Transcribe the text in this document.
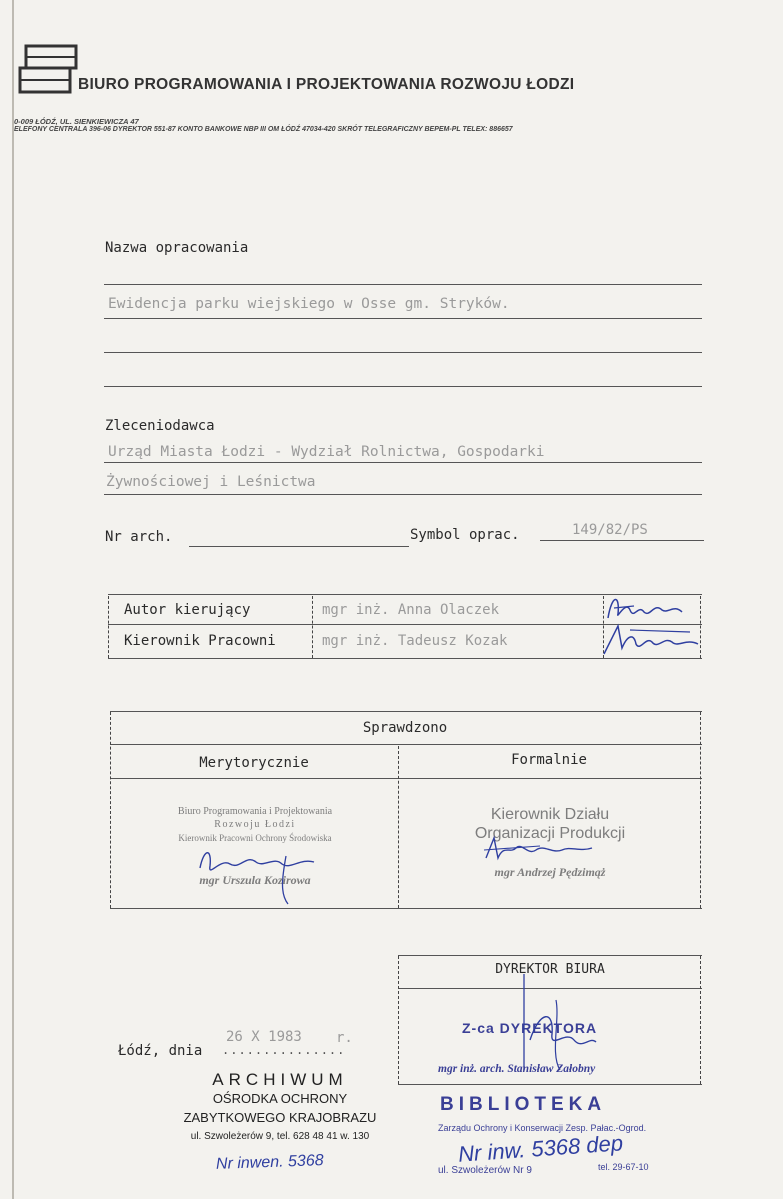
BIURO PROGRAMOWANIA I PROJEKTOWANIA ROZWOJU ŁODZI
0-009 ŁÓDŹ, UL. SIENKIEWICZA 47
ELEFONY CENTRALA 396-06 DYREKTOR 551-87 KONTO BANKOWE NBP III OM ŁÓDŹ 47034-420 SKRÓT TELEGRAFICZNY BEPEM-PL TELEX: 886657
Nazwa opracowania
Ewidencja parku wiejskiego w Osse gm. Stryków.
Zleceniodawca
Urząd Miasta Łodzi - Wydział Rolnictwa, Gospodarki
Żywnościowej i Leśnictwa
Nr arch.	Symbol oprac.	149/82/PS
Autor kierujący	mgr inż. Anna Olaczek
Kierownik Pracowni	mgr inż. Tadeusz Kozak
Sprawdzono
Merytorycznie	Formalnie
Biuro Programowania i Projektowania
Rozwoju Łodzi
Kierownik Pracowni Ochrony Środowiska
mgr Urszula Kozirowa
Kierownik Działu
Organizacji Produkcji
mgr Andrzej Pędzimąż
DYREKTOR BIURA
Z-ca DYREKTORA
mgr inż. arch. Stanisław Załobny
Łódź, dnia
26 X 1983
...............
r.
ARCHIWUM
OŚRODKA OCHRONY
ZABYTKOWEGO KRAJOBRAZU
ul. Szwoleżerów 9, tel. 628 48 41 w. 130
Nr inwen. 5368
BIBLIOTEKA
Zarządu Ochrony i Konserwacji Zesp. Pałac.-Ogrod.
ul. Szwoleżerów Nr 9	tel. 29-67-10
Nr inw. 5368 dep
